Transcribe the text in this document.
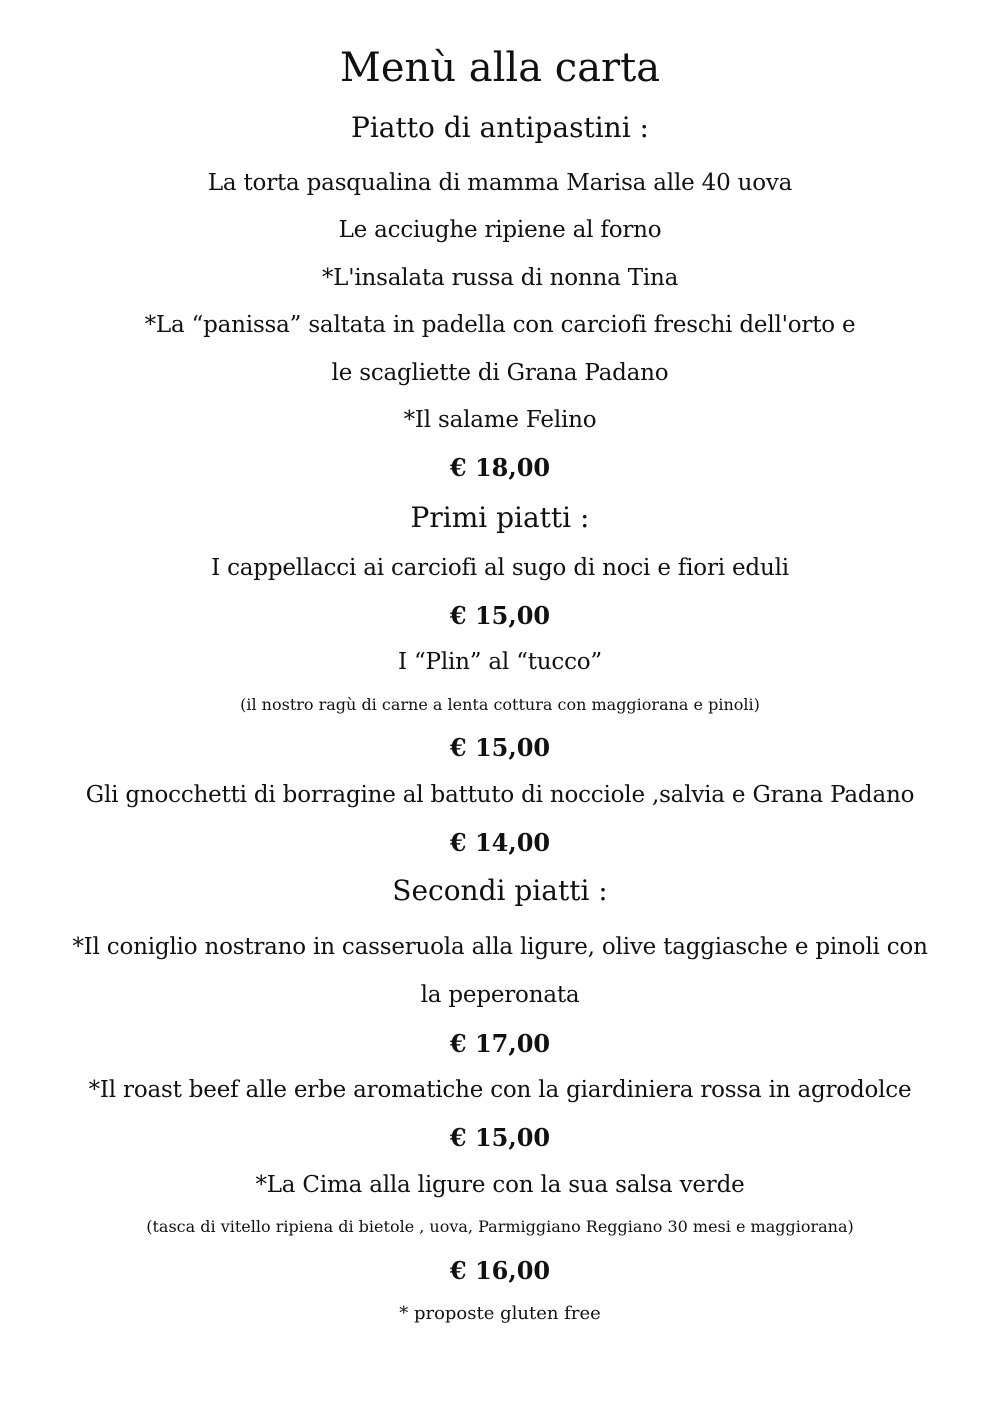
Menù alla carta
Piatto di antipastini :
La torta pasqualina di mamma Marisa alle 40 uova
Le acciughe ripiene al forno
*L'insalata russa di nonna Tina
*La “panissa” saltata in padella con carciofi freschi dell'orto e
le scagliette di Grana Padano
*Il salame Felino
€ 18,00
Primi piatti :
I cappellacci ai carciofi al sugo di noci e fiori eduli
€ 15,00
I “Plin” al “tucco”
(il nostro ragù di carne a lenta cottura con maggiorana e pinoli)
€ 15,00
Gli gnocchetti di borragine al battuto di nocciole ,salvia e Grana Padano
€ 14,00
Secondi piatti :
*Il coniglio nostrano in casseruola alla ligure, olive taggiasche e pinoli con
la peperonata
€ 17,00
*Il roast beef alle erbe aromatiche con la giardiniera rossa in agrodolce
€ 15,00
*La Cima alla ligure con la sua salsa verde
(tasca di vitello ripiena di bietole , uova, Parmiggiano Reggiano 30 mesi e maggiorana)
€ 16,00
* proposte gluten free
